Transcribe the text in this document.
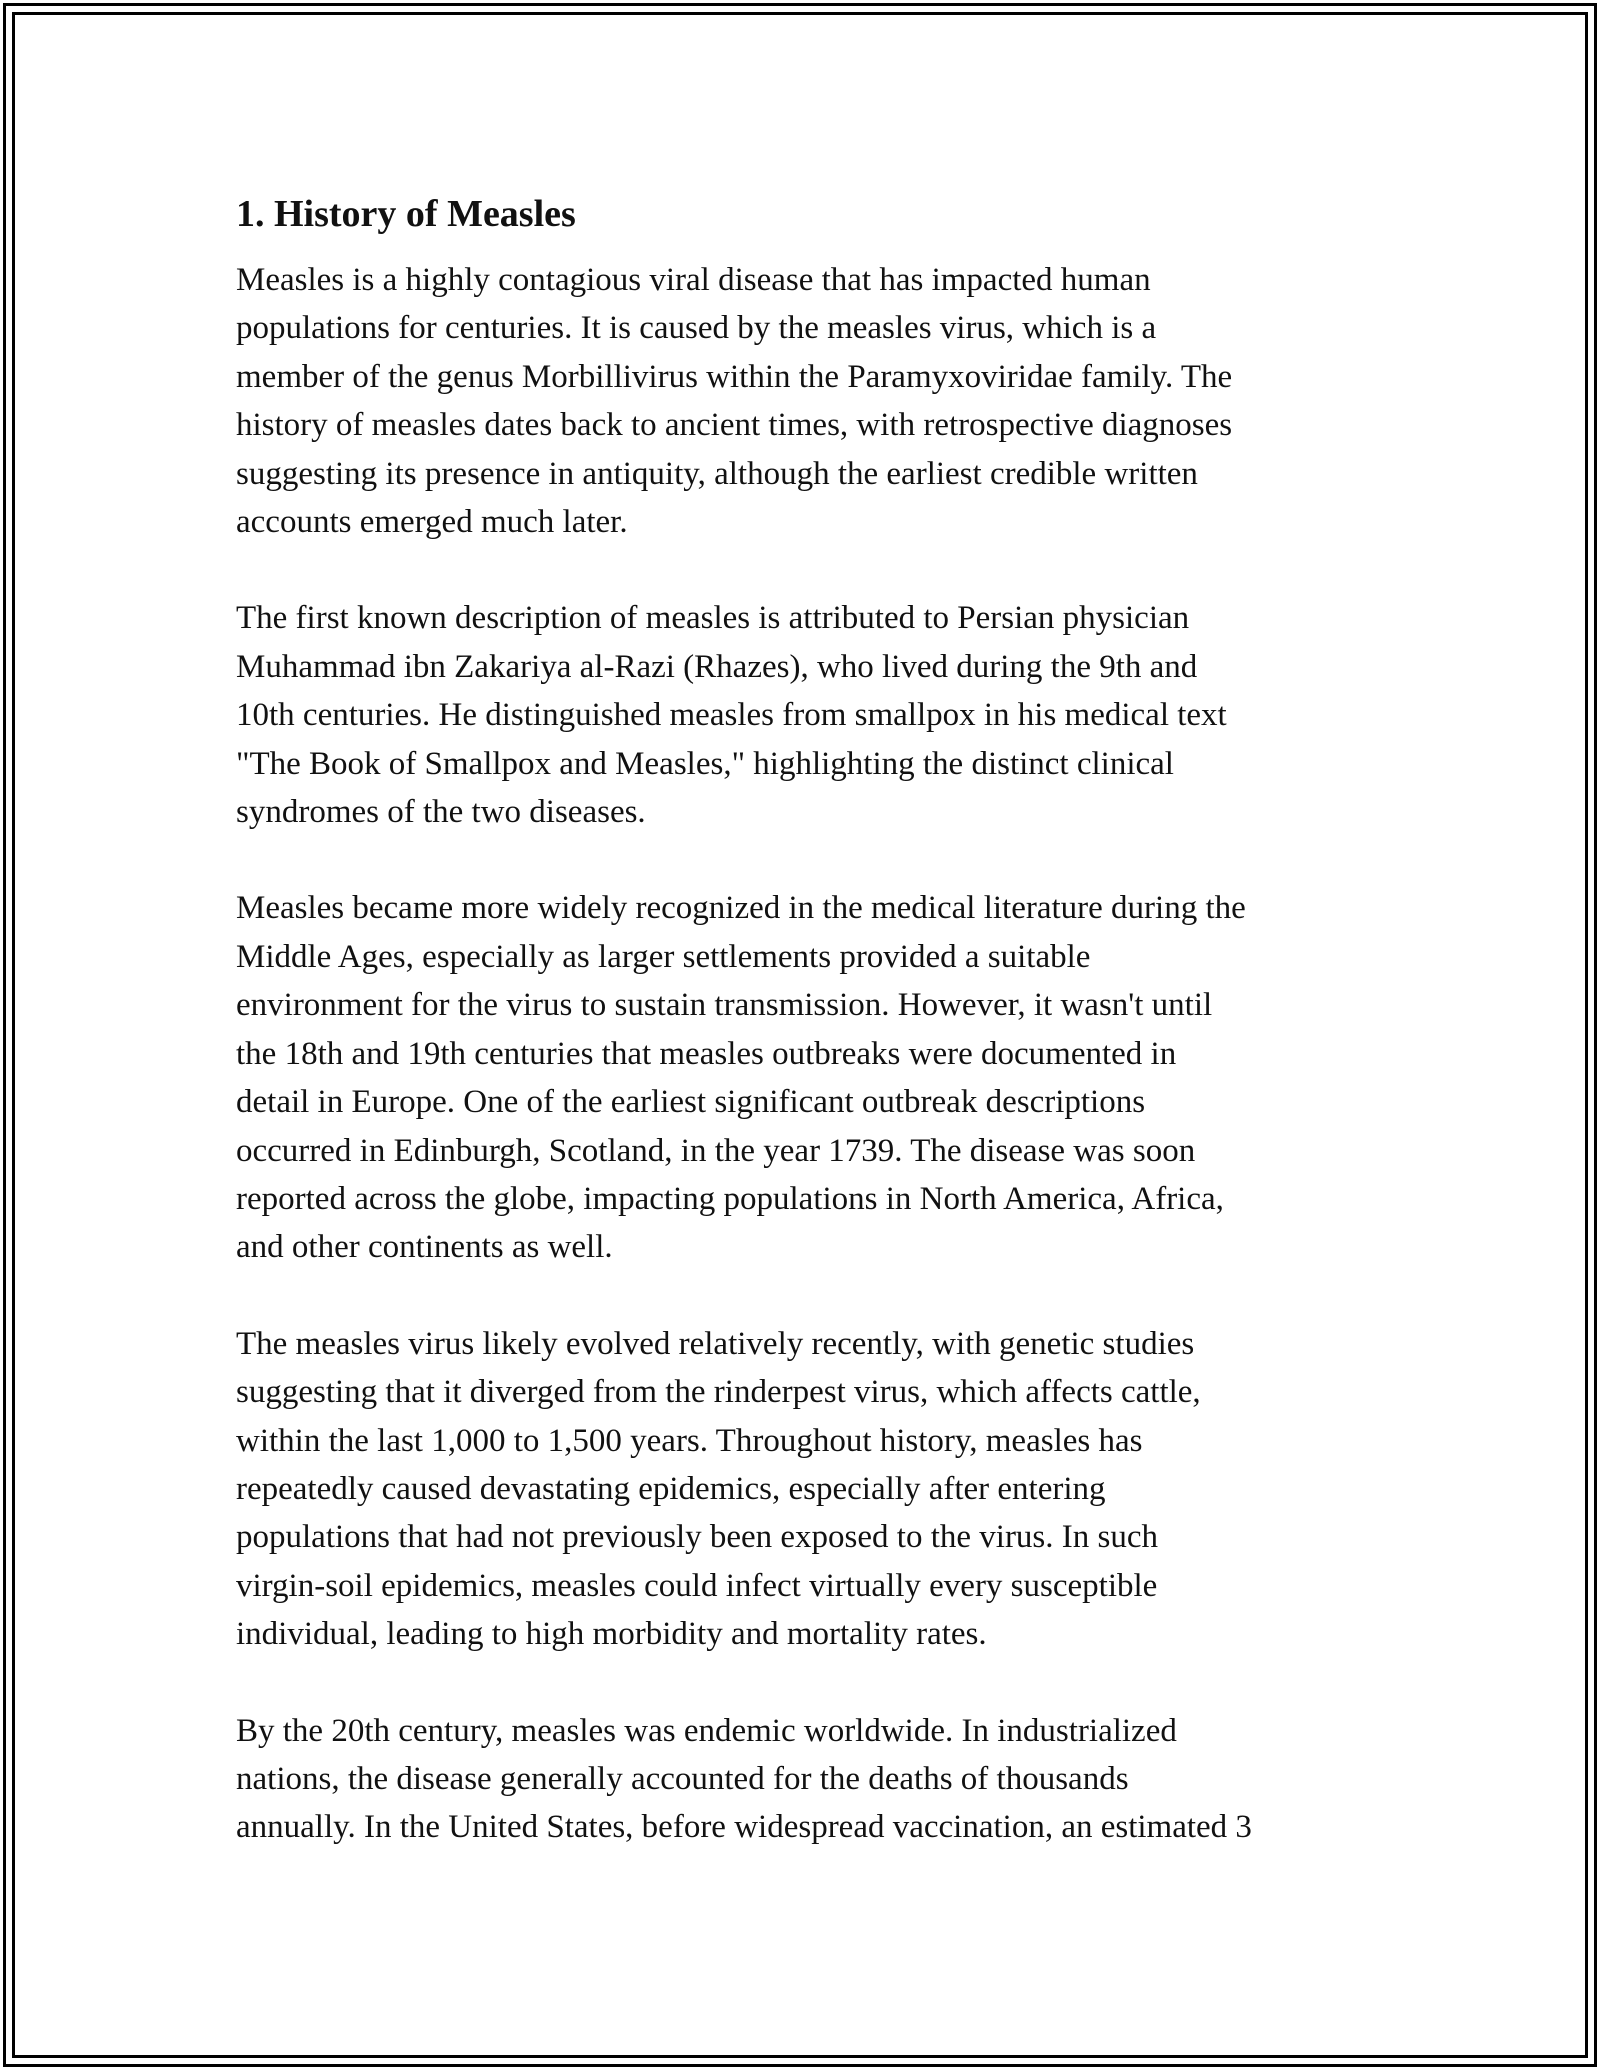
1. History of Measles

Measles is a highly contagious viral disease that has impacted human
populations for centuries. It is caused by the measles virus, which is a
member of the genus Morbillivirus within the Paramyxoviridae family. The
history of measles dates back to ancient times, with retrospective diagnoses
suggesting its presence in antiquity, although the earliest credible written
accounts emerged much later.

The first known description of measles is attributed to Persian physician
Muhammad ibn Zakariya al-Razi (Rhazes), who lived during the 9th and
10th centuries. He distinguished measles from smallpox in his medical text
"The Book of Smallpox and Measles," highlighting the distinct clinical
syndromes of the two diseases.

Measles became more widely recognized in the medical literature during the
Middle Ages, especially as larger settlements provided a suitable
environment for the virus to sustain transmission. However, it wasn't until
the 18th and 19th centuries that measles outbreaks were documented in
detail in Europe. One of the earliest significant outbreak descriptions
occurred in Edinburgh, Scotland, in the year 1739. The disease was soon
reported across the globe, impacting populations in North America, Africa,
and other continents as well.

The measles virus likely evolved relatively recently, with genetic studies
suggesting that it diverged from the rinderpest virus, which affects cattle,
within the last 1,000 to 1,500 years. Throughout history, measles has
repeatedly caused devastating epidemics, especially after entering
populations that had not previously been exposed to the virus. In such
virgin-soil epidemics, measles could infect virtually every susceptible
individual, leading to high morbidity and mortality rates.

By the 20th century, measles was endemic worldwide. In industrialized
nations, the disease generally accounted for the deaths of thousands
annually. In the United States, before widespread vaccination, an estimated 3
